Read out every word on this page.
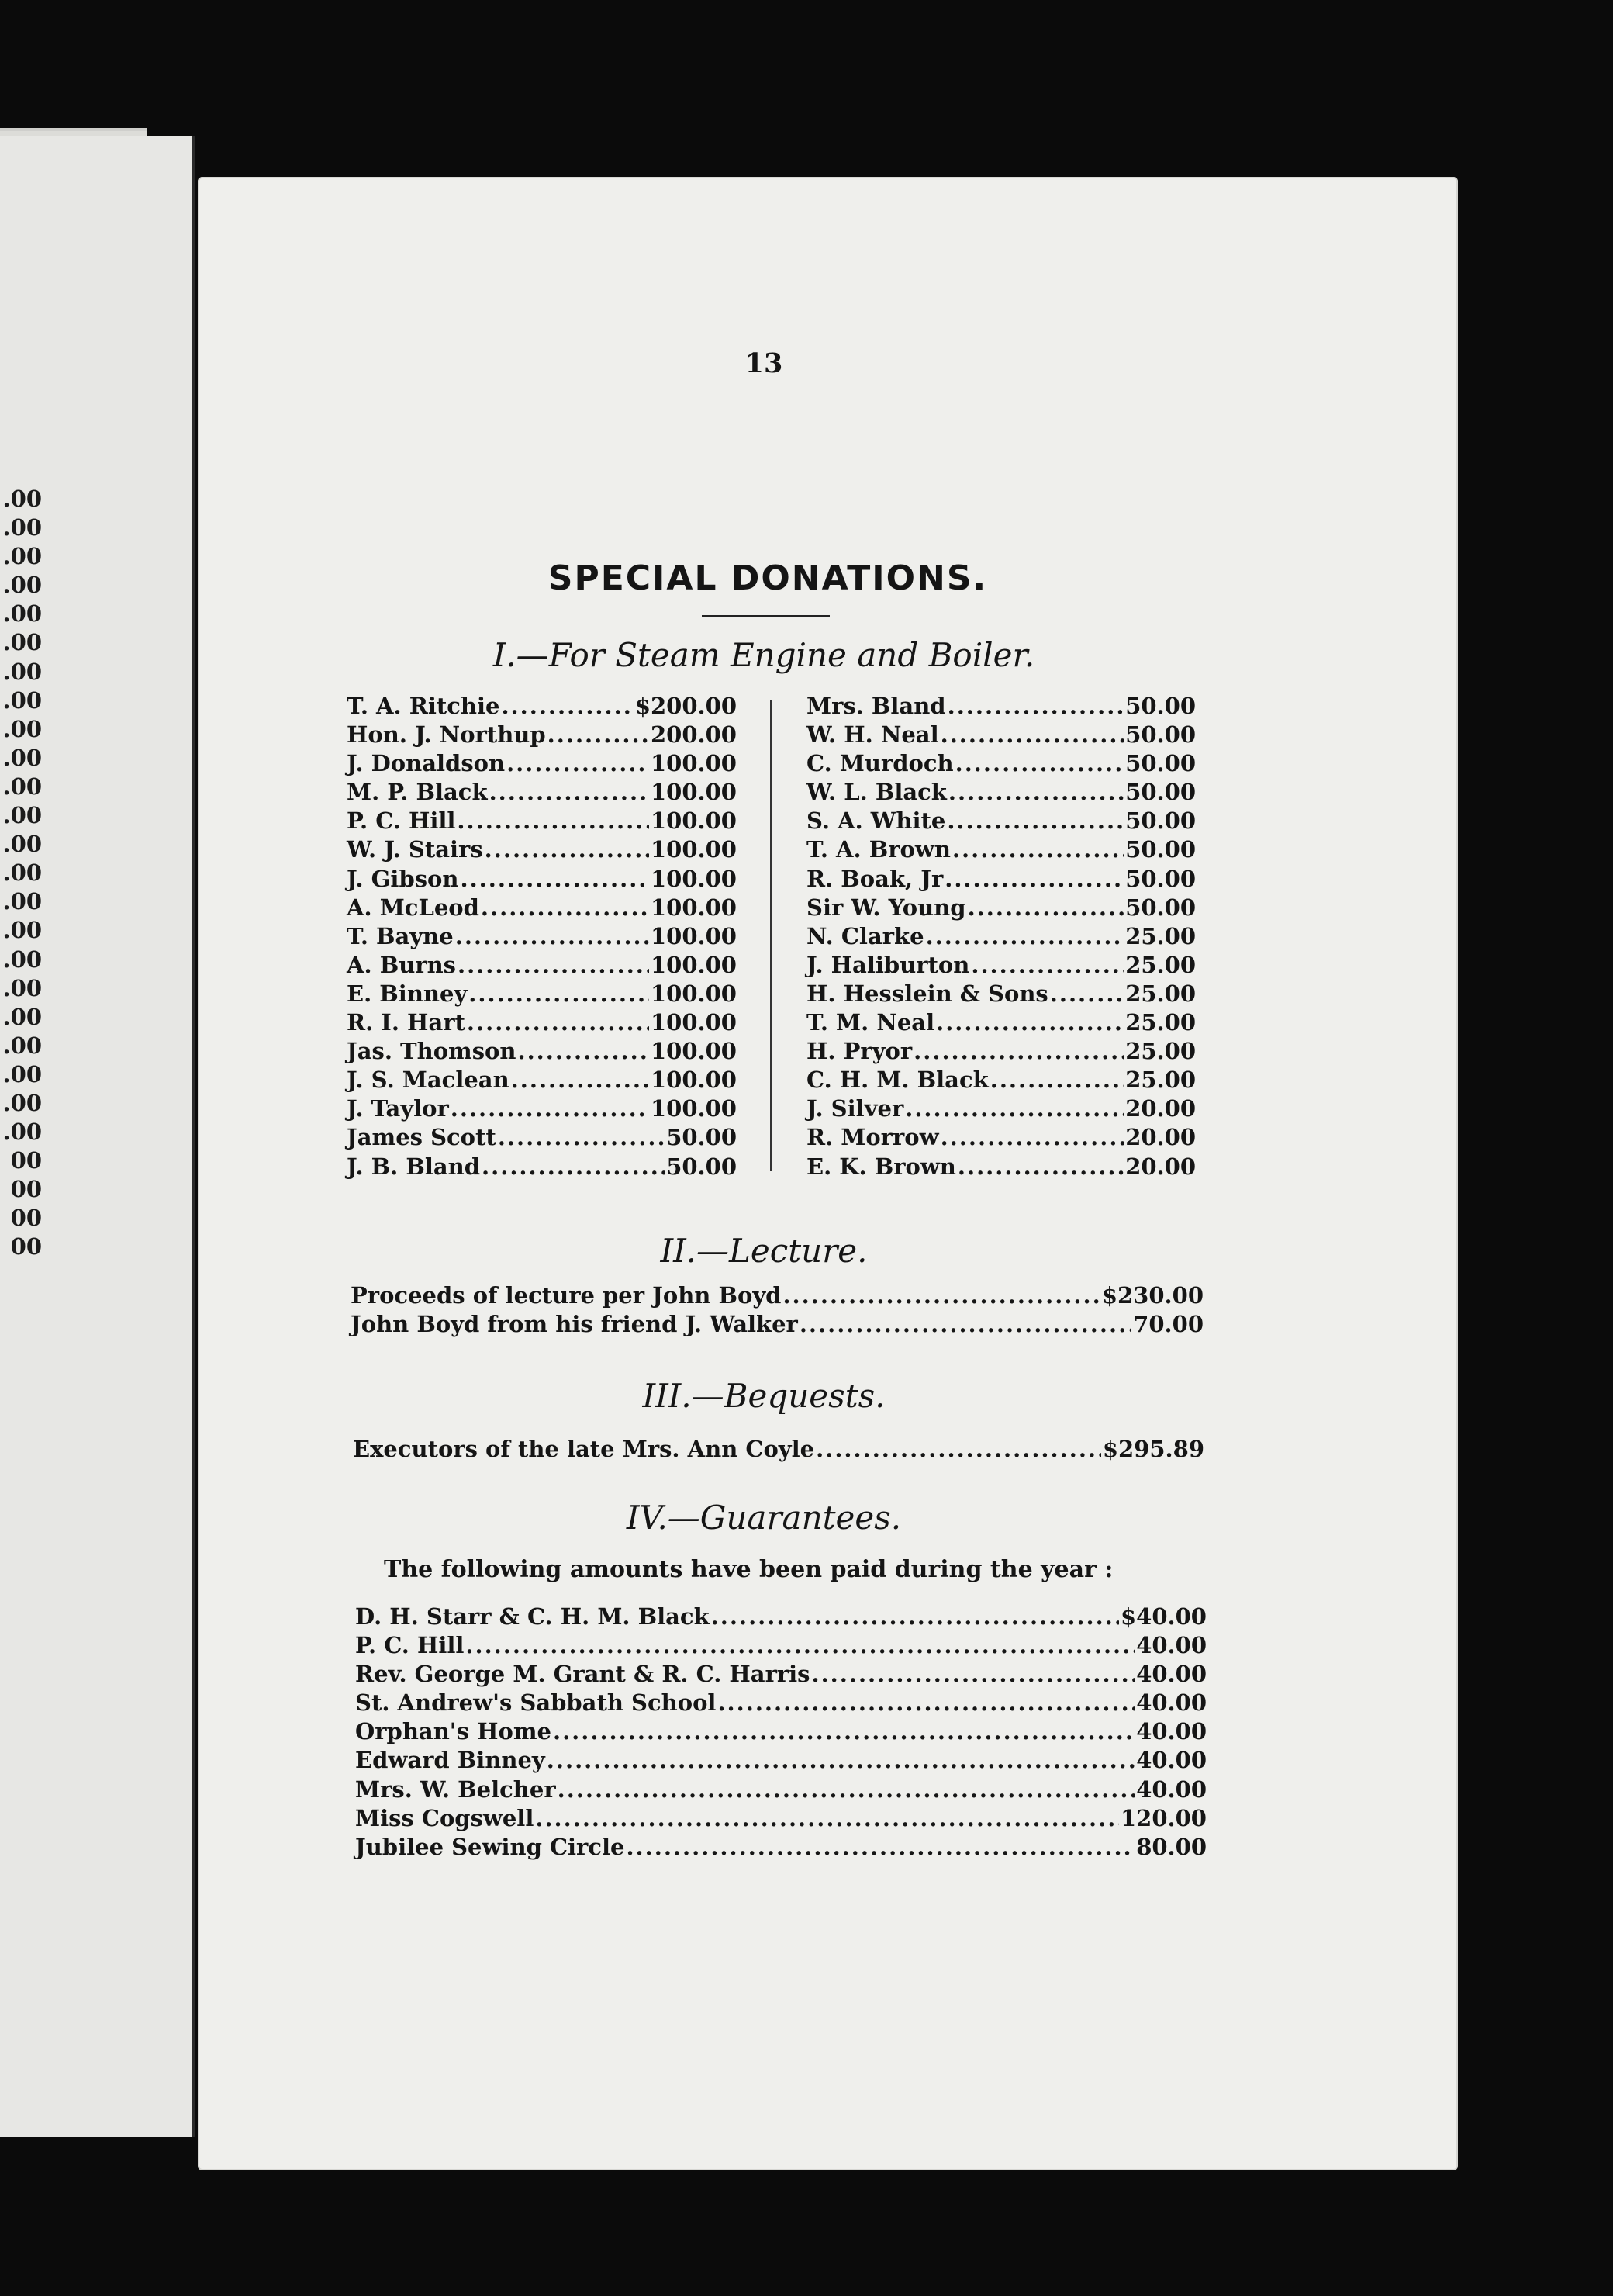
.00
.00
.00
.00
.00
.00
.00
.00
.00
.00
.00
.00
.00
.00
.00
.00
.00
.00
.00
.00
.00
.00
.00
00
00
00
00
13
SPECIAL DONATIONS.
I.—For Steam Engine and Boiler.
T. A. Ritchie .....	$200.00
Hon. J. Northup .....	200.00
J. Donaldson .....	100.00
M. P. Black .....	100.00
P. C. Hill .....	100.00
W. J. Stairs .....	100.00
J. Gibson .....	100.00
A. McLeod .....	100.00
T. Bayne .....	100.00
A. Burns .....	100.00
E. Binney .....	100.00
R. I. Hart .....	100.00
Jas. Thomson .....	100.00
J. S. Maclean .....	100.00
J. Taylor .....	100.00
James Scott .....	50.00
J. B. Bland .....	50.00
Mrs. Bland .....	50.00
W. H. Neal .....	50.00
C. Murdoch .....	50.00
W. L. Black .....	50.00
S. A. White .....	50.00
T. A. Brown .....	50.00
R. Boak, Jr .....	50.00
Sir W. Young .....	50.00
N. Clarke .....	25.00
J. Haliburton .....	25.00
H. Hesslein & Sons .....	25.00
T. M. Neal .....	25.00
H. Pryor .....	25.00
C. H. M. Black .....	25.00
J. Silver .....	20.00
R. Morrow .....	20.00
E. K. Brown .....	20.00
II.—Lecture.
Proceeds of lecture per John Boyd .....	$230.00
John Boyd from his friend J. Walker .....	70.00
III.—Bequests.
Executors of the late Mrs. Ann Coyle .....	$295.89
IV.—Guarantees.
The following amounts have been paid during the year :
D. H. Starr & C. H. M. Black .....	$40.00
P. C. Hill .....	40.00
Rev. George M. Grant & R. C. Harris .....	40.00
St. Andrew's Sabbath School .....	40.00
Orphan's Home .....	40.00
Edward Binney .....	40.00
Mrs. W. Belcher .....	40.00
Miss Cogswell .....	120.00
Jubilee Sewing Circle .....	80.00
